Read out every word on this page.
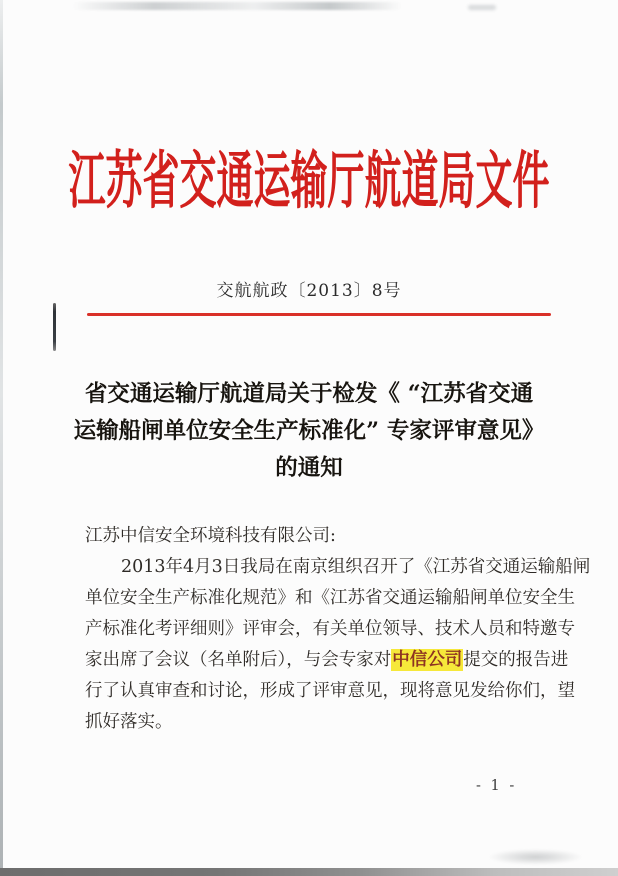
江苏省交通运输厅航道局文件
交航航政〔2013〕8号
省交通运输厅航道局关于检发《 “江苏省交通
运输船闸单位安全生产标准化” 专家评审意见》
的通知
江苏中信安全环境科技有限公司:
2013年4月3日我局在南京组织召开了《江苏省交通运输船闸
单位安全生产标准化规范》和《江苏省交通运输船闸单位安全生
产标准化考评细则》评审会，有关单位领导、技术人员和特邀专
家出席了会议（名单附后），与会专家对中信公司提交的报告进
行了认真审查和讨论，形成了评审意见，现将意见发给你们，望
抓好落实。
- 1 -
